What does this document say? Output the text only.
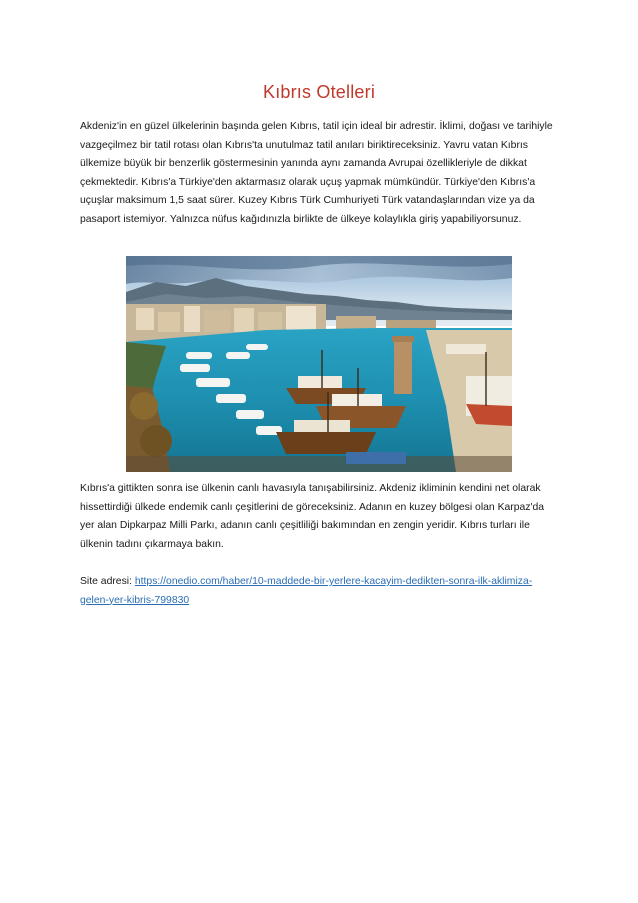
Kıbrıs Otelleri

Akdeniz'in en güzel ülkelerinin başında gelen Kıbrıs, tatil için ideal bir adrestir. İklimi, doğası ve tarihiyle vazgeçilmez bir tatil rotası olan Kıbrıs'ta unutulmaz tatil anıları biriktireceksiniz. Yavru vatan Kıbrıs ülkemize büyük bir benzerlik göstermesinin yanında aynı zamanda Avrupai özellikleriyle de dikkat çekmektedir. Kıbrıs'a Türkiye'den aktarmasız olarak uçuş yapmak mümkündür. Türkiye'den Kıbrıs'a uçuşlar maksimum 1,5 saat sürer. Kuzey Kıbrıs Türk Cumhuriyeti Türk vatandaşlarından vize ya da pasaport istemiyor. Yalnızca nüfus kağıdınızla birlikte de ülkeye kolaylıkla giriş yapabiliyorsunuz.

Kıbrıs'a gittikten sonra ise ülkenin canlı havasıyla tanışabilirsiniz. Akdeniz ikliminin kendini net olarak hissettirdiği ülkede endemik canlı çeşitlerini de göreceksiniz. Adanın en kuzey bölgesi olan Karpaz'da yer alan Dipkarpaz Milli Parkı, adanın canlı çeşitliliği bakımından en zengin yeridir. Kıbrıs turları ile ülkenin tadını çıkarmaya bakın.

Site adresi: https://onedio.com/haber/10-maddede-bir-yerlere-kacayim-dedikten-sonra-ilk-aklimiza-gelen-yer-kibris-799830
